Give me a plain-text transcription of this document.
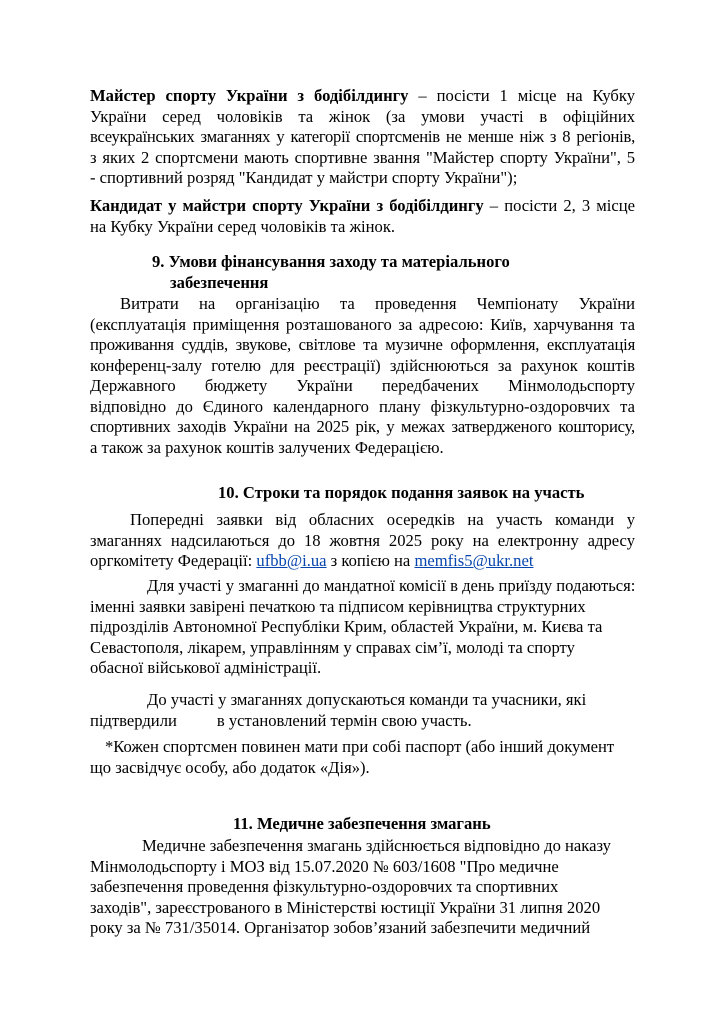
Майстер спорту України з бодібілдингу – посісти 1 місце на Кубку
України серед чоловіків та жінок (за умови участі в офіційних
всеукраїнських змаганнях у категорії спортсменів не менше ніж з 8 регіонів,
з яких 2 спортсмени мають спортивне звання "Майстер спорту України", 5
- спортивний розряд "Кандидат у майстри спорту України");
Кандидат у майстри спорту України з бодібілдингу – посісти 2, 3 місце
на Кубку України серед чоловіків та жінок.
9. Умови фінансування заходу та матеріального
забезпечення
Витрати на організацію та проведення Чемпіонату України
(експлуатація приміщення розташованого за адресою: Київ, харчування та
проживання суддів, звукове, світлове та музичне оформлення, експлуатація
конференц-залу готелю для реєстрації) здійснюються за рахунок коштів
Державного бюджету України передбачених Мінмолодьспорту
відповідно до Єдиного календарного плану фізкультурно-оздоровчих та
спортивних заходів України на 2025 рік, у межах затвердженого кошторису,
а також за рахунок коштів залучених Федерацією.
10. Строки та порядок подання заявок на участь
Попередні заявки від обласних осередків на участь команди у
змаганнях надсилаються до 18 жовтня 2025 року на електронну адресу
оргкомітету Федерації: ufbb@i.ua з копією на memfis5@ukr.net
Для участі у змаганні до мандатної комісії в день приїзду подаються:
іменні заявки завірені печаткою та підписом керівництва структурних
підрозділів Автономної Республіки Крим, областей України, м. Києва та
Севастополя, лікарем, управлінням у справах сім’ї, молоді та спорту
обасної військової адміністрації.
До участі у змаганнях допускаються команди та учасники, які
підтвердили в установлений термін свою участь.
*Кожен спортсмен повинен мати при собі паспорт (або інший документ
що засвідчує особу, або додаток «Дія»).
11. Медичне забезпечення змагань
Медичне забезпечення змагань здійснюється відповідно до наказу
Мінмолодьспорту і МОЗ від 15.07.2020 № 603/1608 "Про медичне
забезпечення проведення фізкультурно-оздоровчих та спортивних
заходів", зареєстрованого в Міністерстві юстиції України 31 липня 2020
року за № 731/35014. Організатор зобов’язаний забезпечити медичний
